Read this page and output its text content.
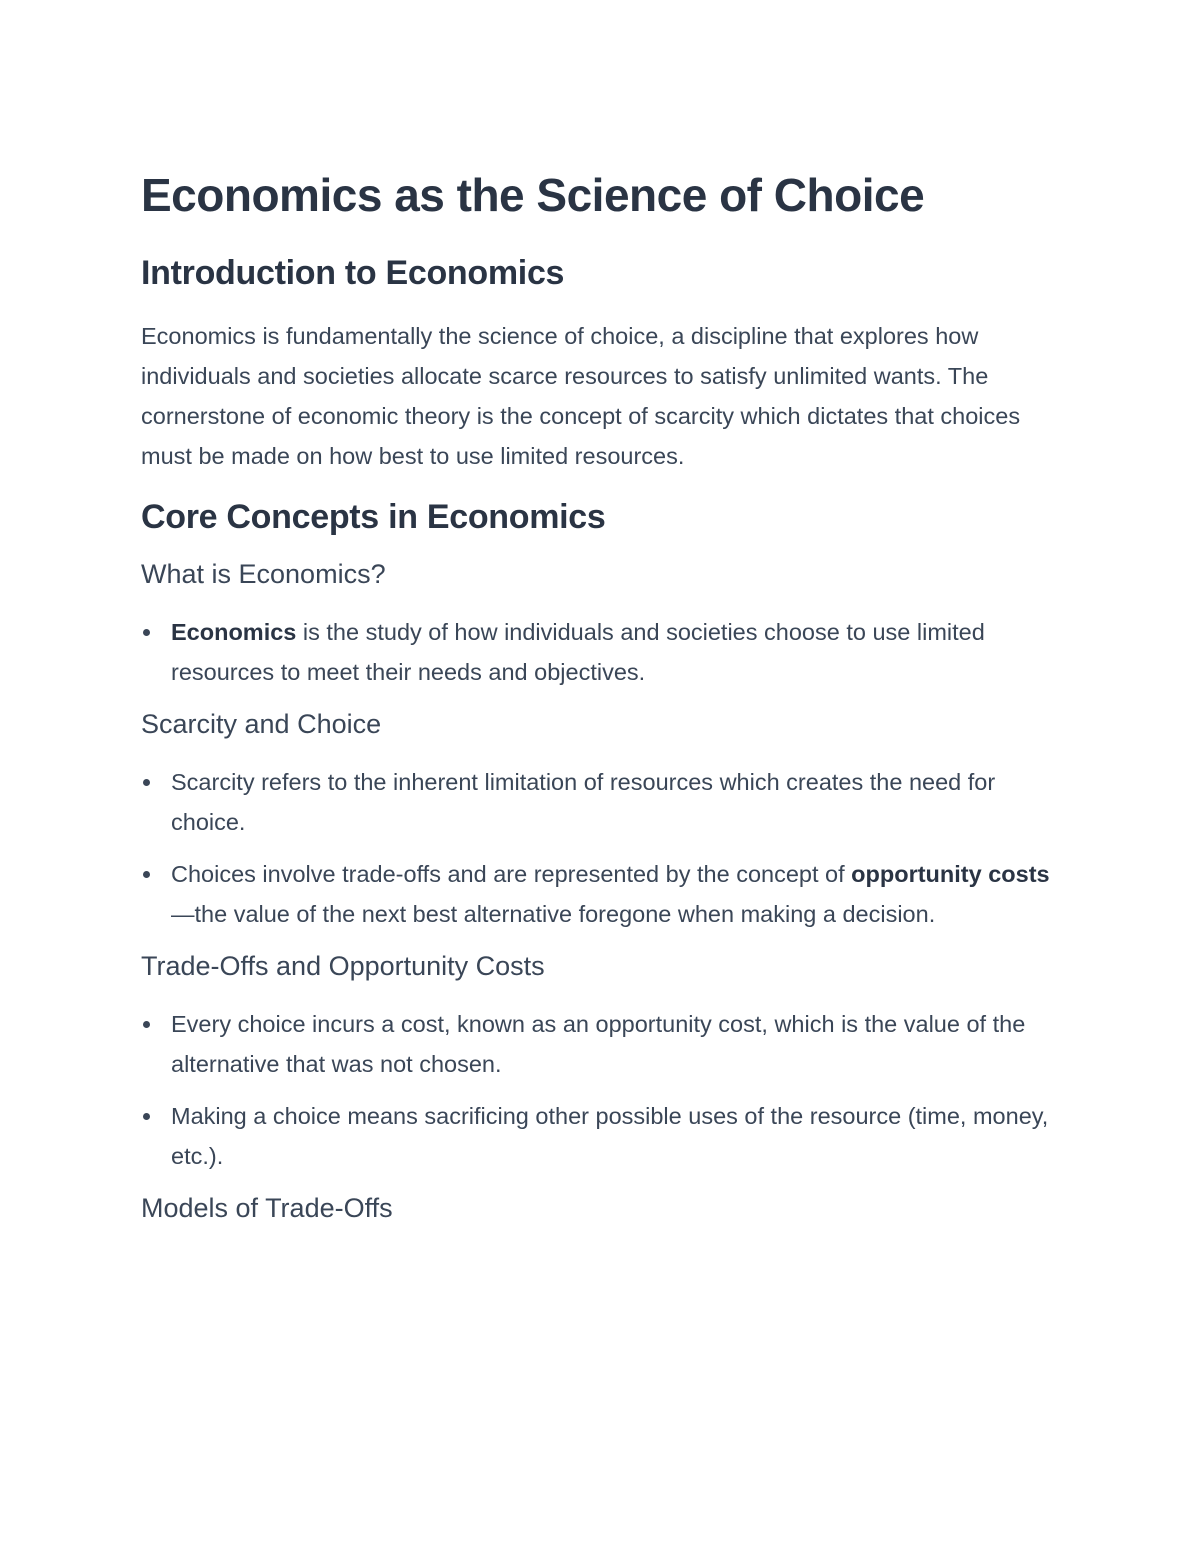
Economics as the Science of Choice
Introduction to Economics

Economics is fundamentally the science of choice, a discipline that explores how individuals and societies allocate scarce resources to satisfy unlimited wants. The cornerstone of economic theory is the concept of scarcity which dictates that choices must be made on how best to use limited resources.

Core Concepts in Economics
What is Economics?
Economics is the study of how individuals and societies choose to use limited resources to meet their needs and objectives.
Scarcity and Choice
Scarcity refers to the inherent limitation of resources which creates the need for choice.
Choices involve trade-offs and are represented by the concept of opportunity costs—the value of the next best alternative foregone when making a decision.
Trade-Offs and Opportunity Costs
Every choice incurs a cost, known as an opportunity cost, which is the value of the alternative that was not chosen.
Making a choice means sacrificing other possible uses of the resource (time, money, etc.).
Models of Trade-Offs
